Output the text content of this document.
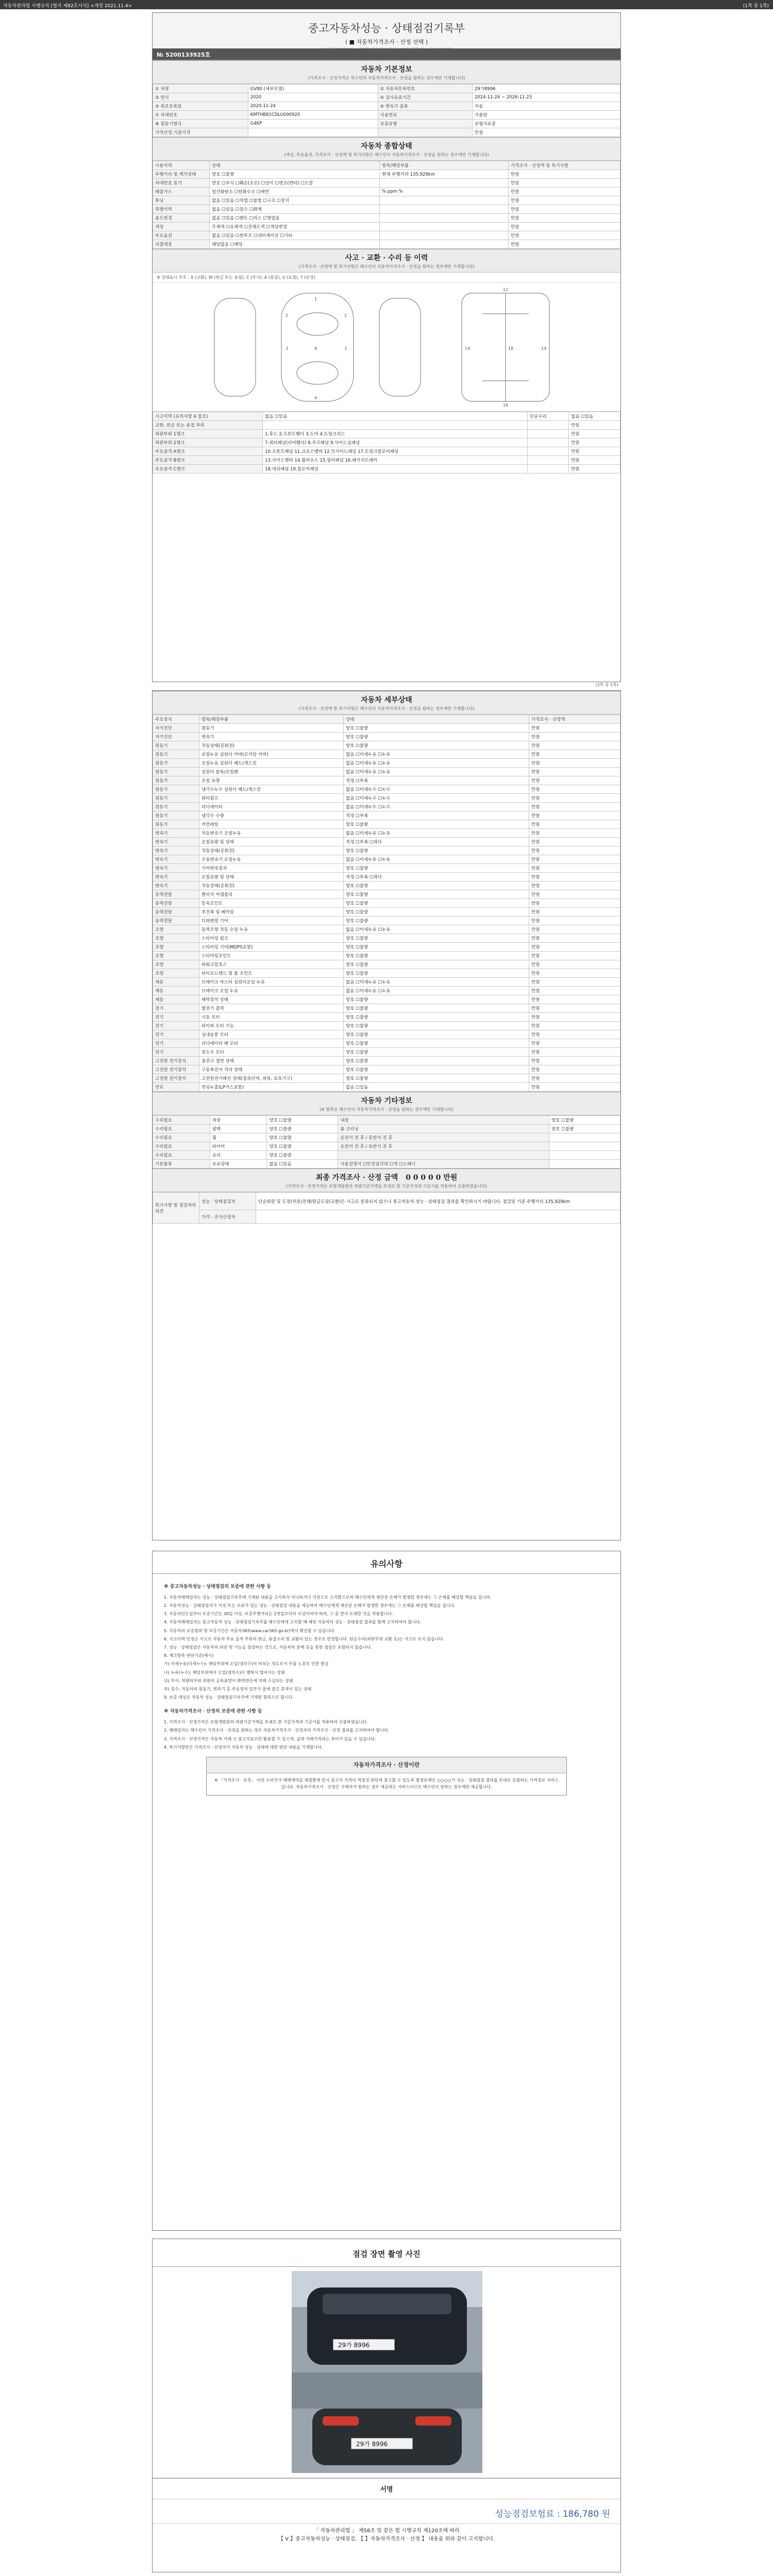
자동차관리법 시행규칙 [별지 제82호서식] <개정 2021.11.4>	(1쪽 중 1쪽)
중고자동차성능 · 상태점검기록부
( ■ 자동차가격조사 · 산정 선택 )
№ 5200133925호
자동차 기본정보
(가격조사 · 산정가격은 특수인의 자동차가격조사 · 산정을 원하는 경우에만 기재합니다)
① 차명	GV80 (세부모델)	② 자동차등록번호	29가8996
③ 연식	2020	④ 검사유효기간	2024-11-24 ~ 2026-11-23
⑤ 최초등록일	2020-11-24	⑥ 변속기 종류	자동
⑦ 차대번호	KMTHB81CDLU000920	사용연료	가솔린
⑧ 원동기형식	G4KP	보증유형	보험사보증
가격산정 기준가격			만원
자동차 종합상태
(색상, 주요옵션, 가격조사 · 산정액 및 특기사항은 매수인이 자동차가격조사 · 산정을 원하는 경우에만 기재합니다)
사용이력	상태	항목/해당부품	가격조사 · 산정액 및 특기사항
주행거리 및 계기상태	양호 ☐불량	현재 주행거리 135,929km	만원
차대번호 표기	양호 ☐부식 ☐훼손(오손) ☐상이 ☐변조(변타) ☐도말		만원
배출가스	일산화탄소 ☐탄화수소 ☐매연	% ppm %	만원
튜닝	없음 ☐있음 ☐적법 ☐불법 ☐구조 ☐장치		만원
특별이력	없음 ☐있음 ☐침수 ☐화재		만원
용도변경	없음 ☐있음 ☐렌트 ☐리스 ☐영업용		만원
색상	무채색 ☐유채색 ☐전체도색 ☐색상변경		만원
주요옵션	없음 ☐있음 ☐썬루프 ☐네비게이션 ☐기타		만원
리콜대상	해당없음 ☐해당		만원
사고 · 교환 · 수리 등 이력
(가격조사 · 산정액 및 특기사항은 매수인이 자동차가격조사 · 산정을 원하는 경우에만 기재합니다)
※ 상태표시 부호 : X (교환), W (판금 또는 용접), C (부식), A (흠집), U (요철), T (손상)
1
2	2
3	3
4
8
12
14	14
16
18
사고이력 (유의사항 4 참조)	없음 ☐있음	단순수리	없음 ☐있음
교환, 판금 또는 용접 부위			만원
외판부위 1랭크	1.후드 2.프론트휀더 3.도어 4.트렁크리드		만원
외판부위 2랭크	7.쿼터패널(리어휀더) 8.루프패널 9.사이드실패널		만원
주요골격 A랭크	10.프론트패널 11.크로스멤버 12.인사이드패널 17.트렁크플로어패널		만원
주요골격 B랭크	13.사이드멤버 14.휠하우스 15.필러패널 16.패키지트레이		만원
주요골격 C랭크	18.대쉬패널 19.플로어패널		만원
(3쪽 중 1쪽)
자동차 세부상태
(가격조사 · 산정액 및 특기사항은 매수인이 자동차가격조사 · 산정을 원하는 경우에만 기재합니다)
주요장치	항목/해당부품	상태	가격조사 · 산정액
자기진단	원동기	양호 ☐불량	만원
자기진단	변속기	양호 ☐불량	만원
원동기	작동상태(공회전)	양호 ☐불량	만원
원동기	오일누유 실린더 커버(로커암 커버)	없음 ☐미세누유 ☐누유	만원
원동기	오일누유 실린더 헤드/개스킷	없음 ☐미세누유 ☐누유	만원
원동기	실린더 블록/오일팬	없음 ☐미세누유 ☐누유	만원
원동기	오일 유량	적정 ☐부족	만원
원동기	냉각수누수 실린더 헤드/개스킷	없음 ☐미세누수 ☐누수	만원
원동기	워터펌프	없음 ☐미세누수 ☐누수	만원
원동기	라디에이터	없음 ☐미세누수 ☐누수	만원
원동기	냉각수 수량	적정 ☐부족	만원
원동기	커먼레일	양호 ☐불량	만원
변속기	자동변속기 오일누유	없음 ☐미세누유 ☐누유	만원
변속기	오일유량 및 상태	적정 ☐부족 ☐과다	만원
변속기	작동상태(공회전)	양호 ☐불량	만원
변속기	수동변속기 오일누유	없음 ☐미세누유 ☐누유	만원
변속기	기어변속장치	양호 ☐불량	만원
변속기	오일유량 및 상태	적정 ☐부족 ☐과다	만원
변속기	작동상태(공회전)	양호 ☐불량	만원
동력전달	클러치 어셈블리	양호 ☐불량	만원
동력전달	등속조인트	양호 ☐불량	만원
동력전달	추진축 및 베어링	양호 ☐불량	만원
동력전달	디퍼렌셜 기어	양호 ☐불량	만원
조향	동력조향 작동 오일 누유	없음 ☐미세누유 ☐누유	만원
조향	스티어링 펌프	양호 ☐불량	만원
조향	스티어링 기어(MDPS포함)	양호 ☐불량	만원
조향	스티어링조인트	양호 ☐불량	만원
조향	파워고압호스	양호 ☐불량	만원
조향	타이로드엔드 및 볼 조인트	양호 ☐불량	만원
제동	브레이크 마스터 실린더오일 누유	없음 ☐미세누유 ☐누유	만원
제동	브레이크 오일 누유	없음 ☐미세누유 ☐누유	만원
제동	배력장치 상태	양호 ☐불량	만원
전기	발전기 출력	양호 ☐불량	만원
전기	시동 모터	양호 ☐불량	만원
전기	와이퍼 모터 기능	양호 ☐불량	만원
전기	실내송풍 모터	양호 ☐불량	만원
전기	라디에이터 팬 모터	양호 ☐불량	만원
전기	윈도우 모터	양호 ☐불량	만원
고전원 전기장치	충전구 절연 상태	양호 ☐불량	만원
고전원 전기장치	구동축전지 격리 상태	양호 ☐불량	만원
고전원 전기장치	고전원전기배선 상태(접속단자, 피복, 보호기구)	양호 ☐불량	만원
연료	연료누출(LP가스포함)	없음 ☐있음	만원
자동차 기타정보
(※ 항목은 매수인이 자동차가격조사 · 산정을 원하는 경우에만 기재합니다)
수리필요	외장	양호 ☐불량	내장	양호 ☐불량
수리필요	광택	양호 ☐불량	룸 크리닝	양호 ☐불량
수리필요	휠	양호 ☐불량	운전석 전 후 / 동반석 전 후	
수리필요	타이어	양호 ☐불량	운전석 전 후 / 동반석 전 후	
수리필요	유리	양호 ☐불량		
기본품목	보유상태	없음 ☐있음	사용설명서 ☐안전삼각대 ☐잭 ☐스패너	
최종 가격조사 · 산정 금액 0 0 0 0 0 만원
(가격조사 · 산정가격은 보험개발원의 차량기준가액을 토대로 한 기준가격과 기준서를 적용하여 산출하였습니다)
특기사항 및 점검자의 의견	성능 · 상태점검자	단순외판 및 도장(부분/전체/판금도장/교환)은 사고로 분류되지 않으나 중고자동차 성능 · 상태점검 결과를 확인하시기 바랍니다. 점검일 기준 주행거리 135,929km
	가격 · 조사산정자	
유의사항
※ 중고자동차성능 · 상태점검의 보증에 관한 사항 등

1. 자동차매매업자는 성능 · 상태점검기록부에 기재된 내용을 고지하지 아니하거나 거짓으로 고지함으로써 매수인에게 재산상 손해가 발생한 경우에는 그 손해를 배상할 책임을 집니다.

2. 자동차성능 · 상태점검자가 거짓 또는 오류가 있는 성능 · 상태점검 내용을 제공하여 매수인에게 재산상 손해가 발생한 경우에는 그 손해를 배상할 책임을 집니다.

3. 자동차인도일부터 보증기간은 30일 이상, 보증주행거리는 2천킬로미터 이상이어야 하며, 그 중 먼저 도래한 것을 적용합니다.

4. 자동차매매업자는 중고자동차 성능 · 상태점검기록부를 매수인에게 고지할 때 해당 자동차의 성능 · 상태점검 결과를 함께 고지하여야 합니다.

5. 자동차의 보증범위 및 보증기간은 자동차365(www.car365.go.kr)에서 확인할 수 있습니다.

6. 사고이력 인정은 사고로 자동차 주요 골격 부위의 판금, 용접수리 및 교환이 있는 경우로 한정합니다. 단순수리(외판부위 교환 등)는 사고로 보지 않습니다.

7. 성능 · 상태점검은 자동차의 외관 및 기능을 점검하는 것으로, 자동차의 분해 등을 통한 점검은 포함되지 않습니다.

8. 체크항목 판단기준(예시)

가) 미세누유(미세누수): 해당부위에 오일(냉각수)이 비치는 정도로서 부품 노후로 인한 현상

나) 누유(누수): 해당부위에서 오일(냉각수)이 맺혀서 떨어지는 상태

다) 부식: 차량하부와 외판의 금속표면이 화학반응에 의해 소실되는 상태

라) 침수: 자동차의 원동기, 변속기 등 주요장치 일부가 물에 잠긴 흔적이 있는 상태

9. 보증 대상은 자동차 성능 · 상태점검기록부에 기재된 항목으로 합니다.

※ 자동차가격조사 · 산정의 보증에 관한 사항 등

1. 가격조사 · 산정가격은 보험개발원의 차량기준가액을 토대로 한 기준가격과 기준서를 적용하여 산출하였습니다.

2. 매매업자는 매수인이 가격조사 · 산정을 원하는 경우 자동차가격조사 · 산정자의 가격조사 · 산정 결과를 고지하여야 합니다.

3. 가격조사 · 산정가격은 자동차 거래 시 참고자료로만 활용할 수 있으며, 실제 거래가격과는 차이가 있을 수 있습니다.

4. 특기사항란은 가격조사 · 산정자가 자동차 성능 · 상태에 대한 판단 내용을 기재합니다.

자동차가격조사 · 산정이란
※ 「가격조사 · 산정」 이란 소비자가 매매계약을 체결함에 앞서 중고자 가격의 적절성 판단에 참고할 수 있도록 법정단체인 ○○○○가 성능 · 상태점검 결과를 토대로 산출하는 가격정보 서비스입니다. 자동차가격조사 · 산정은 구매자가 원하는 경우 제공하는 서비스이므로 매수인이 원하는 경우에만 제공합니다.
점검 장면 촬영 사진
29가 8996
29가 8996
서명
성능점검보험료 : 186,780 원
「 자동차관리법 」 제58조 및 같은 법 시행규칙 제120조에 따라
【 V 】중고자동차성능 · 상태점검, 【 】자동차가격조사 · 산정 】 내용을 위와 같이 고지합니다.
